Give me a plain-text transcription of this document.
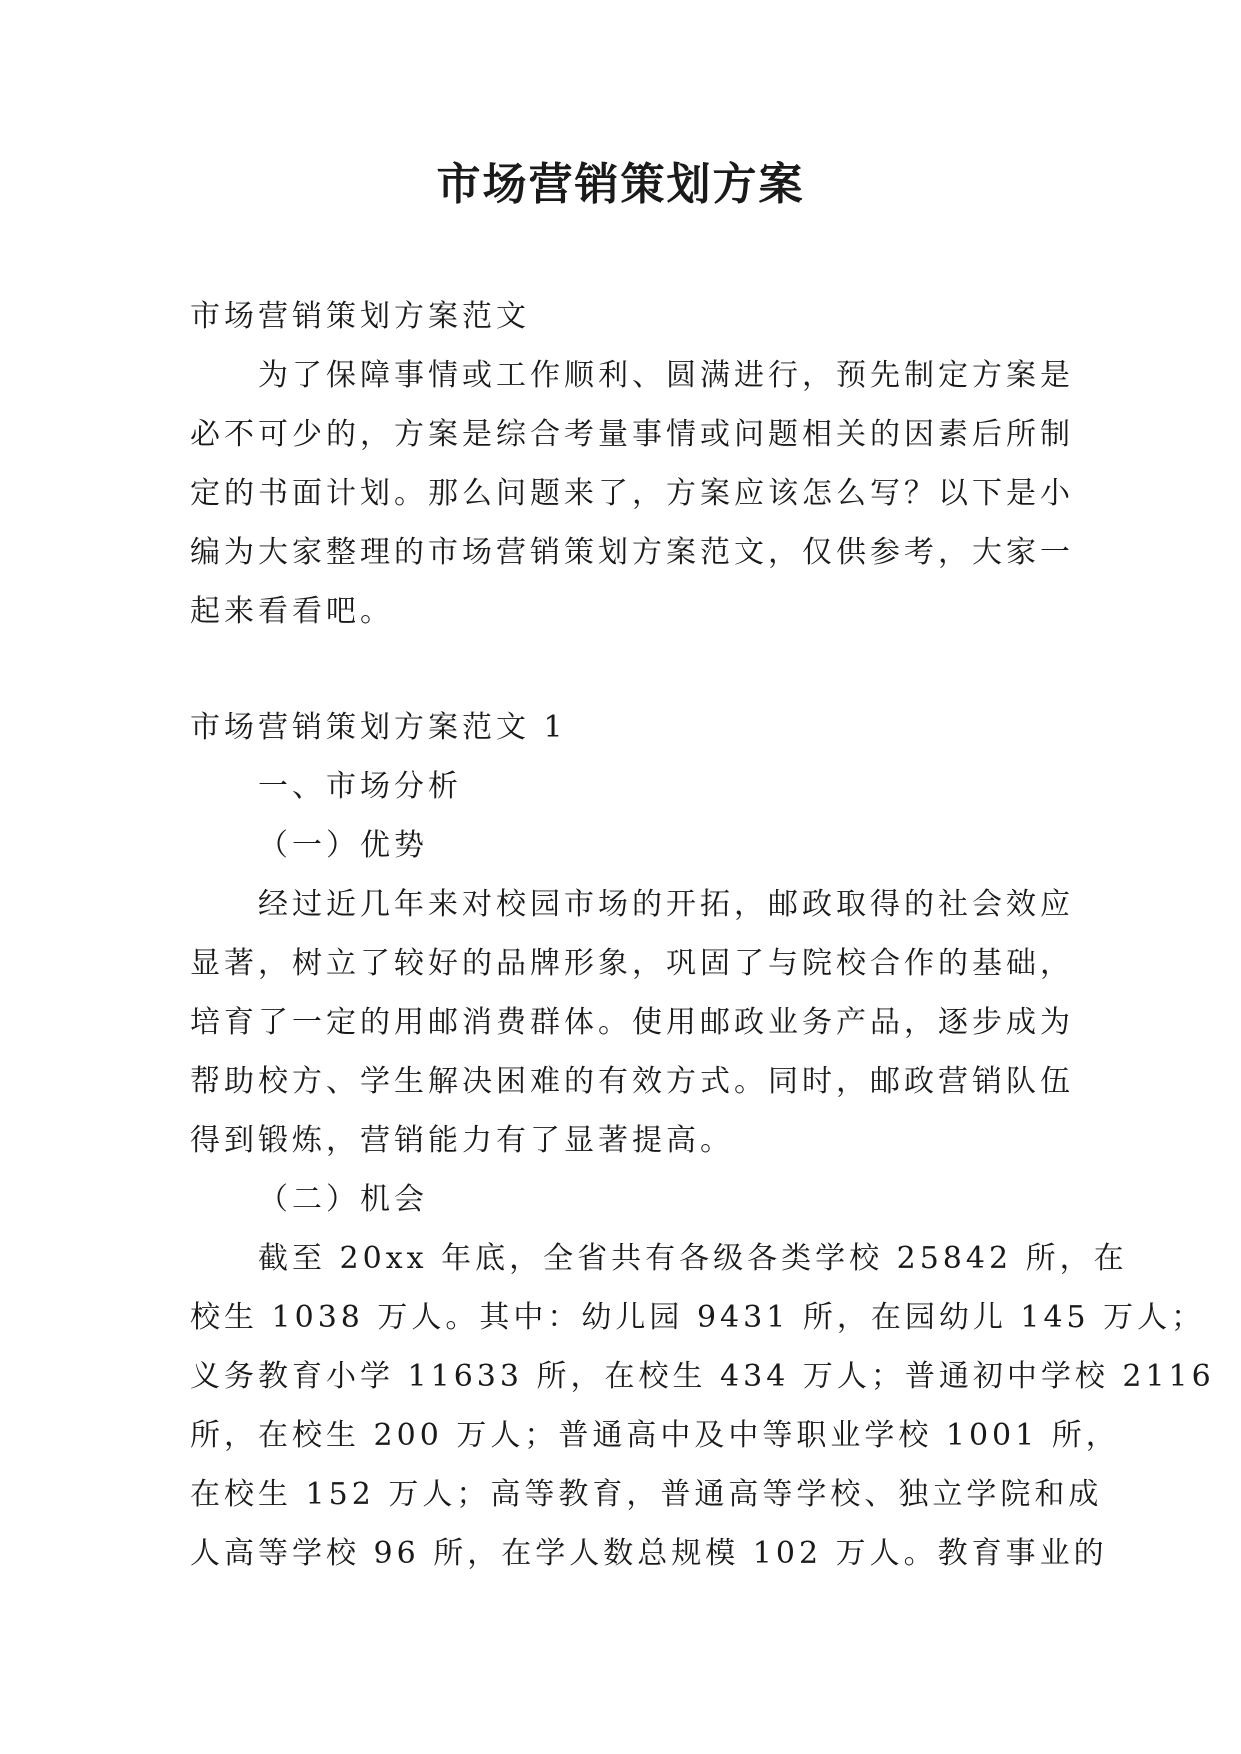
市场营销策划方案
市场营销策划方案范文
为了保障事情或工作顺利、圆满进行，预先制定方案是
必不可少的，方案是综合考量事情或问题相关的因素后所制
定的书面计划。那么问题来了，方案应该怎么写？以下是小
编为大家整理的市场营销策划方案范文，仅供参考，大家一
起来看看吧。
市场营销策划方案范文 1
一、市场分析
（一）优势
经过近几年来对校园市场的开拓，邮政取得的社会效应
显著，树立了较好的品牌形象，巩固了与院校合作的基础，
培育了一定的用邮消费群体。使用邮政业务产品，逐步成为
帮助校方、学生解决困难的有效方式。同时，邮政营销队伍
得到锻炼，营销能力有了显著提高。
（二）机会
截至 20xx 年底，全省共有各级各类学校 25842 所，在
校生 1038 万人。其中：幼儿园 9431 所，在园幼儿 145 万人；
义务教育小学 11633 所，在校生 434 万人；普通初中学校 2116
所，在校生 200 万人；普通高中及中等职业学校 1001 所，
在校生 152 万人；高等教育，普通高等学校、独立学院和成
人高等学校 96 所，在学人数总规模 102 万人。教育事业的
